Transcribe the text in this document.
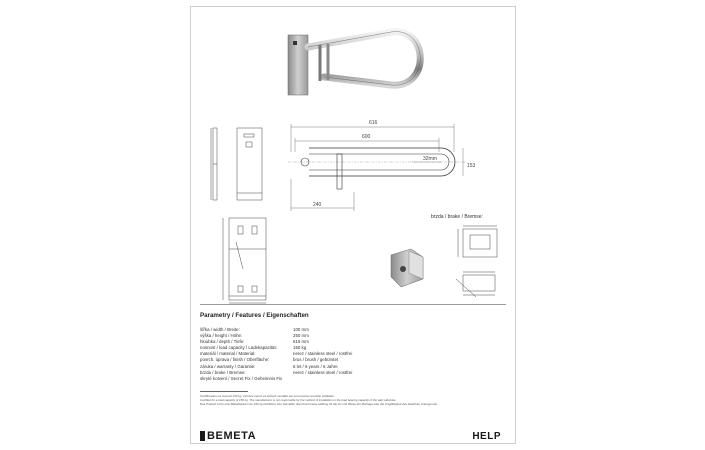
616
600
153
32mm
240
brzda / brake / Bremse:
Parametry / Features / Eigenschaften
šířka / width / Breite:	100 mm
výška / height / Höhe:	250 mm
hloubka / depth / Tiefe:	616 mm
nosnost / load capacity / Ladekapazität:	150 kg
materiál / material / Material:	nerez / stainless steel / rostfrei
povrch. úprava / finish / Oberfläche:	brus / brush / gebürstet
záruka / warranty / Garantie:	6 let / 6 years / 6 Jahre
brzda / brake / Bremse:	nerez / stainless steel / rostfrei
skryté kotvení / Secret Fix / Geheimnis Fix
Certifikováno na nosnost 150 kg. Výrobce neručí za způsob montáže ani za únosnost nosného podkladu.
Certified for a load capacity of 150 kg. The manufacturer is not responsible for the method of installation or the load bearing capacity of the wall substrate.
Das Produkt ist für eine Belastbarkeit von 150 kg zertifiziert. Der Hersteller übernimmt keine Haftung für die Art und Weise der Montage oder die Tragfähigkeit des baulichen Untergrunds.
BEMETA	HELP
